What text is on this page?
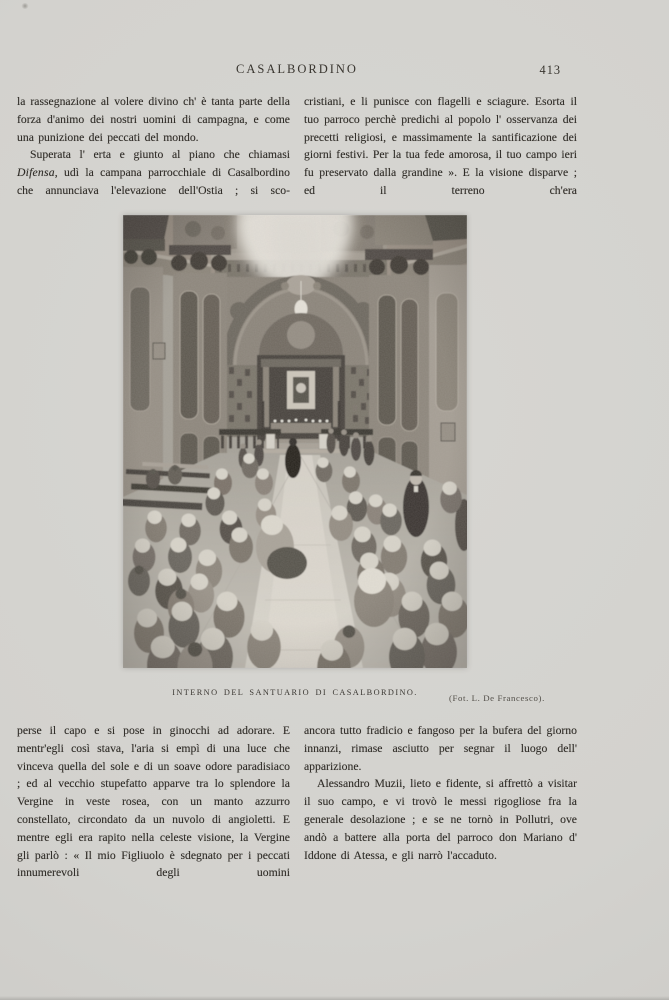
CASALBORDINO	413

la rassegnazione al volere divino ch' è tanta parte della forza d'animo dei nostri uomini di campagna, e come una punizione dei peccati del mondo.

Superata l' erta e giunto al piano che chiamasi Difensa, udì la campana parrocchiale di Casalbordino che annunciava l'elevazione dell'Ostia ; si sco-

cristiani, e li punisce con flagelli e sciagure. Esorta il tuo parroco perchè predichi al popolo l' osservanza dei precetti religiosi, e massimamente la santificazione dei giorni festivi. Per la tua fede amorosa, il tuo campo ieri fu preservato dalla grandine ». E la visione disparve ; ed il terreno ch'era

INTERNO DEL SANTUARIO DI CASALBORDINO.
(Fot. L. De Francesco).

perse il capo e si pose in ginocchi ad adorare. E mentr'egli così stava, l'aria si empì di una luce che vinceva quella del sole e di un soave odore paradisiaco ; ed al vecchio stupefatto apparve tra lo splendore la Vergine in veste rosea, con un manto azzurro constellato, circondato da un nuvolo di angioletti. E mentre egli era rapito nella celeste visione, la Vergine gli parlò : « Il mio Figliuolo è sdegnato per i peccati innumerevoli degli uomini

ancora tutto fradicio e fangoso per la bufera del giorno innanzi, rimase asciutto per segnar il luogo dell' apparizione.

Alessandro Muzii, lieto e fidente, si affrettò a visitar il suo campo, e vi trovò le messi rigogliose fra la generale desolazione ; e se ne tornò in Pollutri, ove andò a battere alla porta del parroco don Mariano d' Iddone di Atessa, e gli narrò l'accaduto.
